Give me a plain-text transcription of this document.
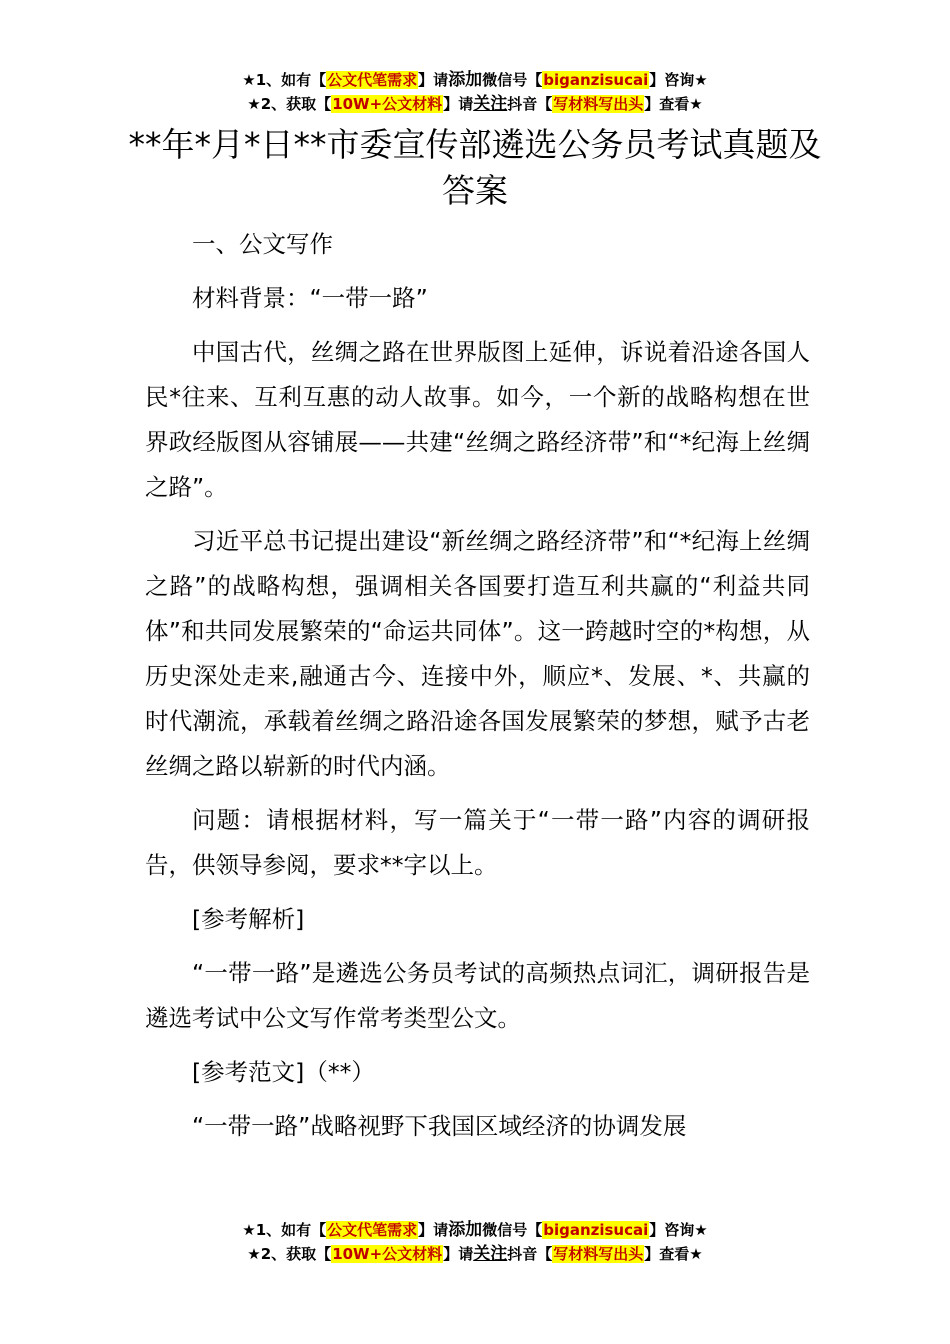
★1、如有【公文代笔需求】请添加微信号【biganzisucai】咨询★
★2、获取【10W+公文材料】请关注抖音【写材料写出头】查看★
**年*月*日**市委宣传部遴选公务员考试真题及答案

一、公文写作

材料背景：“一带一路”

中国古代，丝绸之路在世界版图上延伸，诉说着沿途各国人民*往来、互利互惠的动人故事。如今，一个新的战略构想在世界政经版图从容铺展——共建“丝绸之路经济带”和“*纪海上丝绸之路”。

习近平总书记提出建设“新丝绸之路经济带”和“*纪海上丝绸之路”的战略构想，强调相关各国要打造互利共赢的“利益共同体”和共同发展繁荣的“命运共同体”。这一跨越时空的*构想，从历史深处走来,融通古今、连接中外，顺应*、发展、*、共赢的时代潮流，承载着丝绸之路沿途各国发展繁荣的梦想，赋予古老丝绸之路以崭新的时代内涵。

问题：请根据材料，写一篇关于“一带一路”内容的调研报告，供领导参阅，要求**字以上。

[参考解析]

“一带一路”是遴选公务员考试的高频热点词汇，调研报告是遴选考试中公文写作常考类型公文。

[参考范文]（**）

“一带一路”战略视野下我国区域经济的协调发展

★1、如有【公文代笔需求】请添加微信号【biganzisucai】咨询★
★2、获取【10W+公文材料】请关注抖音【写材料写出头】查看★
